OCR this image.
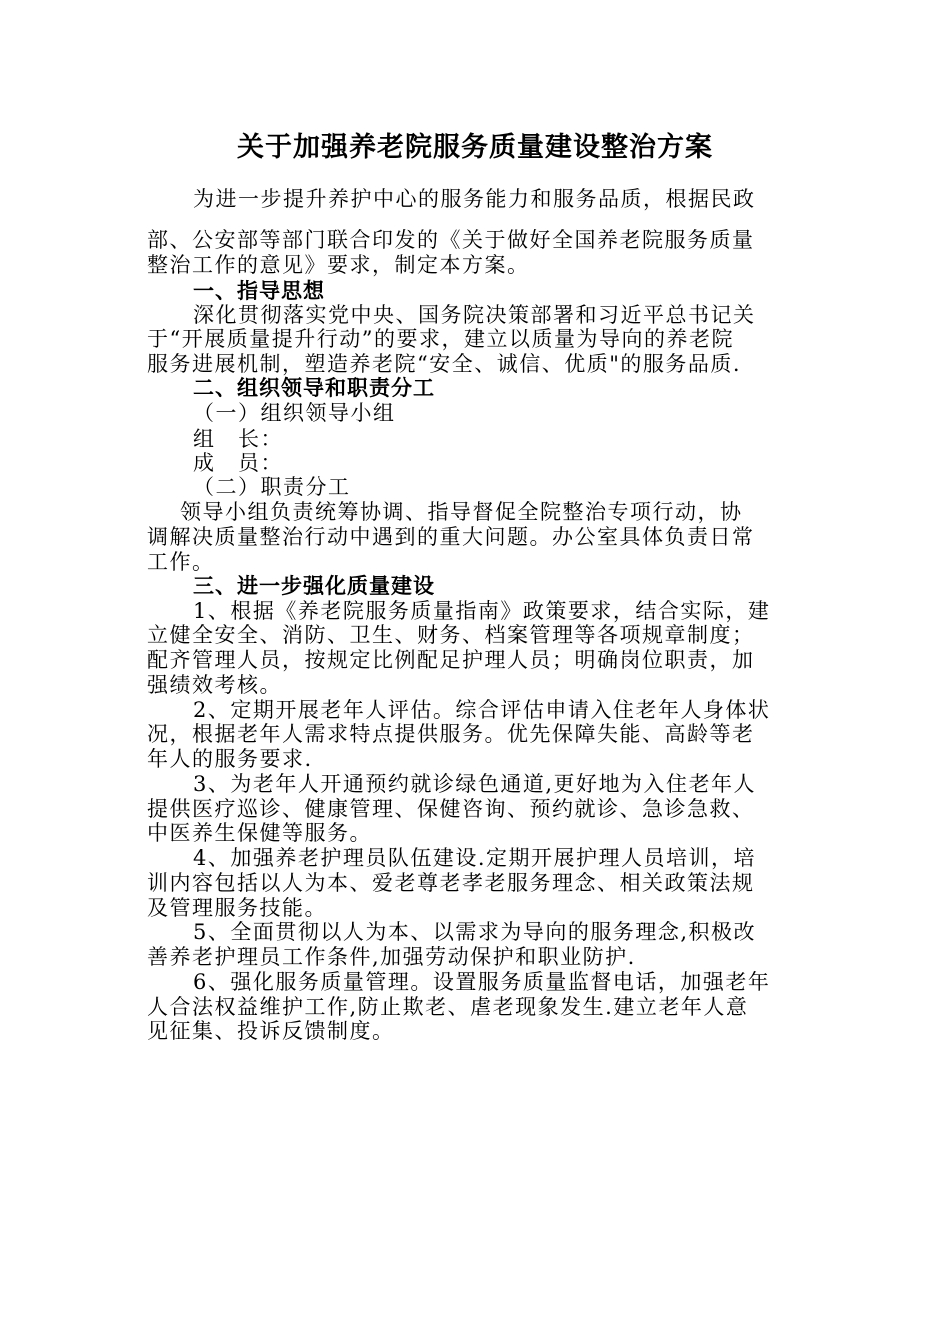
关于加强养老院服务质量建设整治方案
为进一步提升养护中心的服务能力和服务品质，根据民政
部、公安部等部门联合印发的《关于做好全国养老院服务质量
整治工作的意见》要求，制定本方案。
一、指导思想
深化贯彻落实党中央、国务院决策部署和习近平总书记关
于“开展质量提升行动”的要求，建立以质量为导向的养老院
服务进展机制，塑造养老院“安全、诚信、优质"的服务品质.
二、组织领导和职责分工
（一）组织领导小组
组　长：
成　员：
（二）职责分工
领导小组负责统筹协调、指导督促全院整治专项行动，协
调解决质量整治行动中遇到的重大问题。办公室具体负责日常
工作。
三、进一步强化质量建设
1、根据《养老院服务质量指南》政策要求，结合实际，建
立健全安全、消防、卫生、财务、档案管理等各项规章制度；
配齐管理人员，按规定比例配足护理人员；明确岗位职责，加
强绩效考核。
2、定期开展老年人评估。综合评估申请入住老年人身体状
况，根据老年人需求特点提供服务。优先保障失能、高龄等老
年人的服务要求.
3、为老年人开通预约就诊绿色通道,更好地为入住老年人
提供医疗巡诊、健康管理、保健咨询、预约就诊、急诊急救、
中医养生保健等服务。
4、加强养老护理员队伍建设.定期开展护理人员培训，培
训内容包括以人为本、爱老尊老孝老服务理念、相关政策法规
及管理服务技能。
5、全面贯彻以人为本、以需求为导向的服务理念,积极改
善养老护理员工作条件,加强劳动保护和职业防护.
6、强化服务质量管理。设置服务质量监督电话，加强老年
人合法权益维护工作,防止欺老、虐老现象发生.建立老年人意
见征集、投诉反馈制度。
